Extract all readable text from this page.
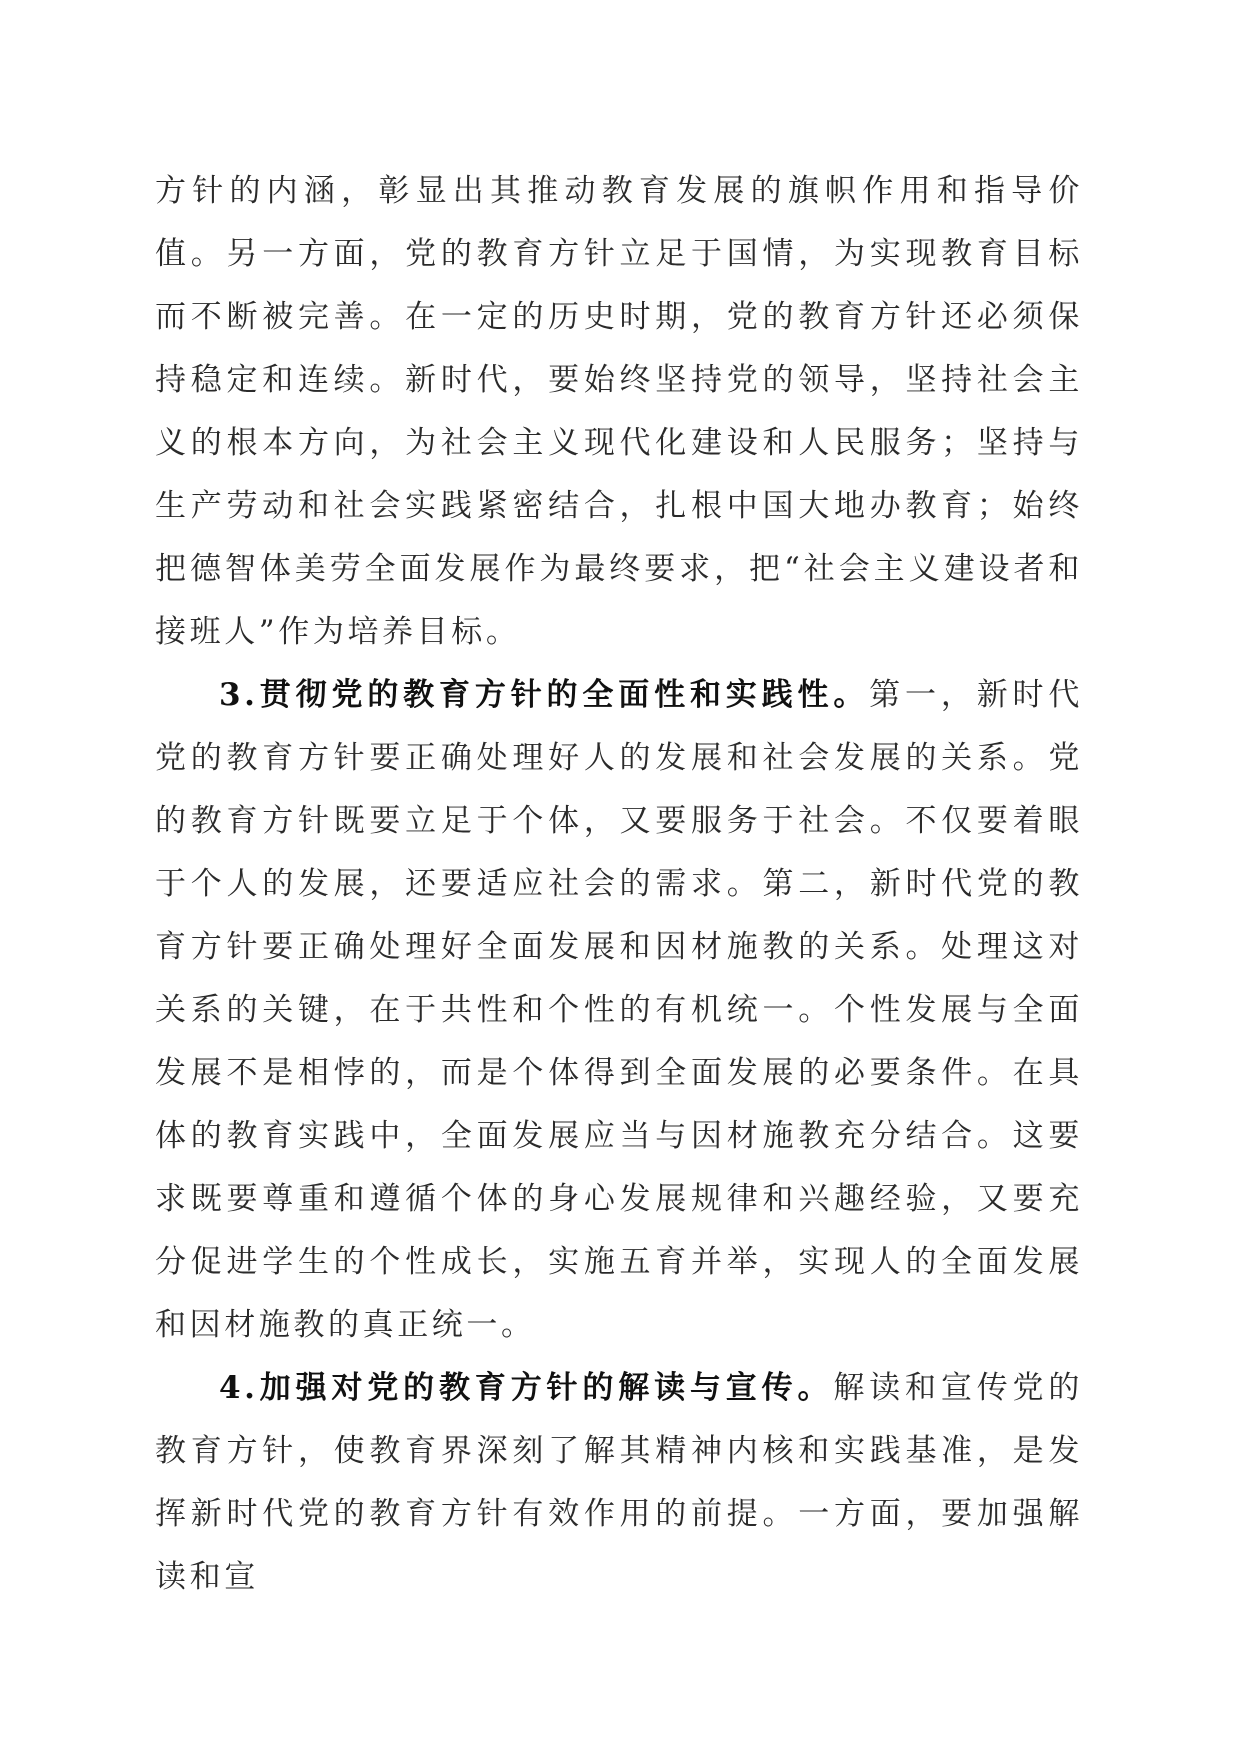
方针的内涵，彰显出其推动教育发展的旗帜作用和指导价值。另一方面，党的教育方针立足于国情，为实现教育目标而不断被完善。在一定的历史时期，党的教育方针还必须保持稳定和连续。新时代，要始终坚持党的领导，坚持社会主义的根本方向，为社会主义现代化建设和人民服务；坚持与生产劳动和社会实践紧密结合，扎根中国大地办教育；始终把德智体美劳全面发展作为最终要求，把“社会主义建设者和接班人”作为培养目标。

3.贯彻党的教育方针的全面性和实践性。第一，新时代党的教育方针要正确处理好人的发展和社会发展的关系。党的教育方针既要立足于个体，又要服务于社会。不仅要着眼于个人的发展，还要适应社会的需求。第二，新时代党的教育方针要正确处理好全面发展和因材施教的关系。处理这对关系的关键，在于共性和个性的有机统一。个性发展与全面发展不是相悖的，而是个体得到全面发展的必要条件。在具体的教育实践中，全面发展应当与因材施教充分结合。这要求既要尊重和遵循个体的身心发展规律和兴趣经验，又要充分促进学生的个性成长，实施五育并举，实现人的全面发展和因材施教的真正统一。

4.加强对党的教育方针的解读与宣传。解读和宣传党的教育方针，使教育界深刻了解其精神内核和实践基准，是发挥新时代党的教育方针有效作用的前提。一方面，要加强解读和宣
